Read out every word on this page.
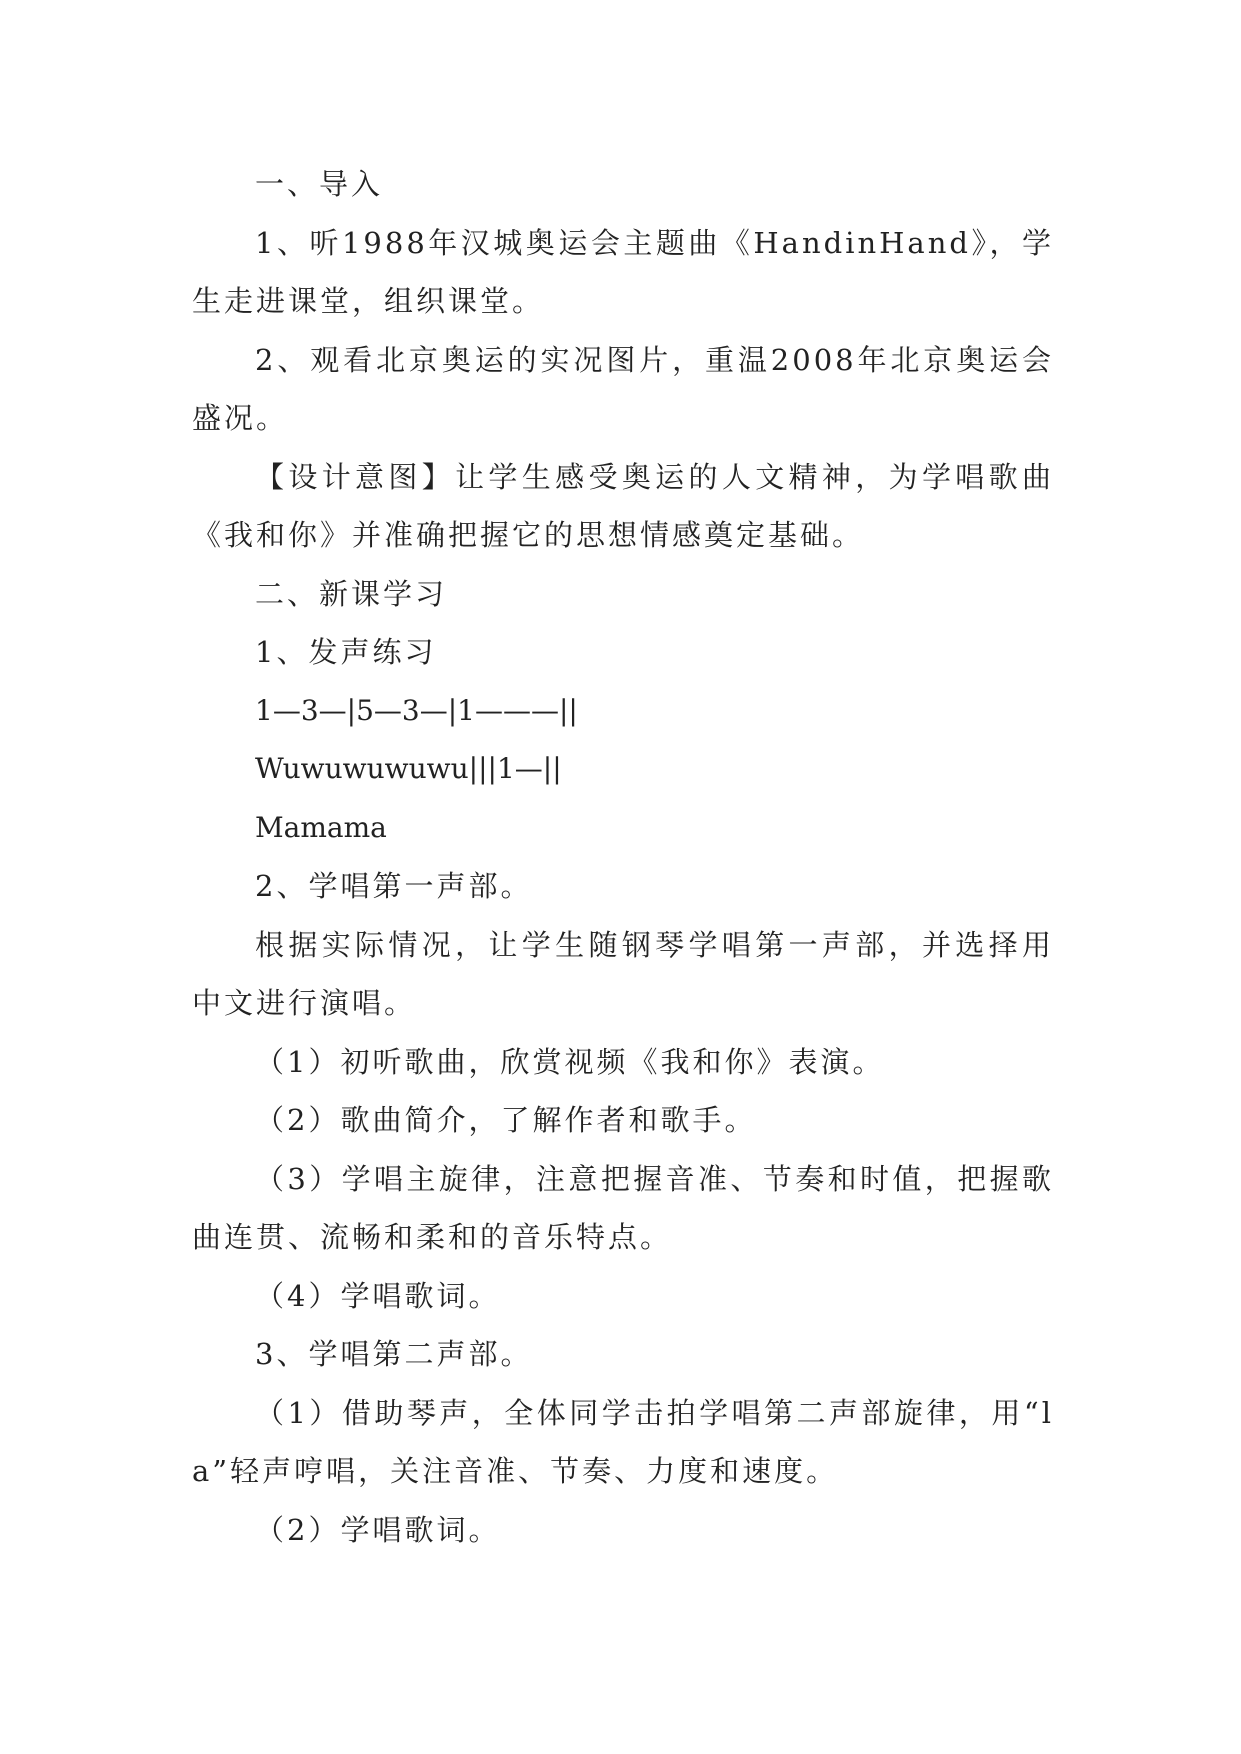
一、导入

1、听1988年汉城奥运会主题曲《HandinHand》，学生走进课堂，组织课堂。

2、观看北京奥运的实况图片，重温2008年北京奥运会盛况。

【设计意图】让学生感受奥运的人文精神，为学唱歌曲《我和你》并准确把握它的思想情感奠定基础。

二、新课学习

1、发声练习

1—3—|5—3—|1———||

Wuwuwuwuwu|||1—||

Mamama

2、学唱第一声部。

根据实际情况，让学生随钢琴学唱第一声部，并选择用中文进行演唱。

（1）初听歌曲，欣赏视频《我和你》表演。

（2）歌曲简介，了解作者和歌手。

（3）学唱主旋律，注意把握音准、节奏和时值，把握歌曲连贯、流畅和柔和的音乐特点。

（4）学唱歌词。

3、学唱第二声部。

（1）借助琴声，全体同学击拍学唱第二声部旋律，用“la”轻声哼唱，关注音准、节奏、力度和速度。

（2）学唱歌词。
